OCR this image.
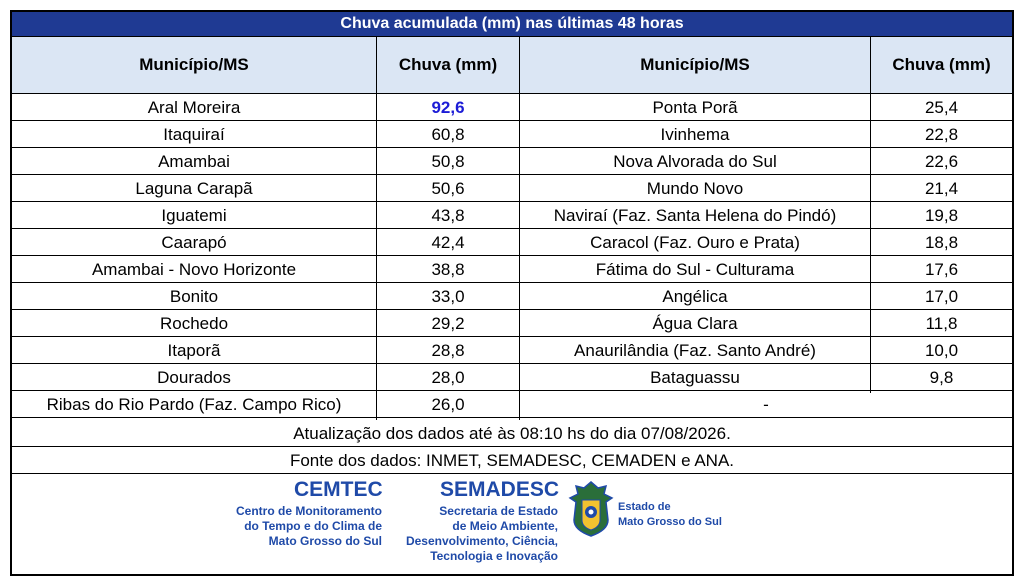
Chuva acumulada (mm) nas últimas 48 horas
Município/MS	Chuva (mm)	Município/MS	Chuva (mm)
Aral Moreira	92,6	Ponta Porã	25,4
Itaquiraí	60,8	Ivinhema	22,8
Amambai	50,8	Nova Alvorada do Sul	22,6
Laguna Carapã	50,6	Mundo Novo	21,4
Iguatemi	43,8	Naviraí (Faz. Santa Helena do Pindó)	19,8
Caarapó	42,4	Caracol (Faz. Ouro e Prata)	18,8
Amambai - Novo Horizonte	38,8	Fátima do Sul - Culturama	17,6
Bonito	33,0	Angélica	17,0
Rochedo	29,2	Água Clara	11,8
Itaporã	28,8	Anaurilândia (Faz. Santo André)	10,0
Dourados	28,0	Bataguassu	9,8
Ribas do Rio Pardo (Faz. Campo Rico)	26,0	-
Atualização dos dados até às 08:10 hs do dia 07/08/2026.
Fonte dos dados: INMET, SEMADESC, CEMADEN e ANA.
CEMTEC
Centro de Monitoramento
do Tempo e do Clima de
Mato Grosso do Sul
SEMADESC
Secretaria de Estado
de Meio Ambiente,
Desenvolvimento, Ciência,
Tecnologia e Inovação
Estado de
Mato Grosso do Sul
